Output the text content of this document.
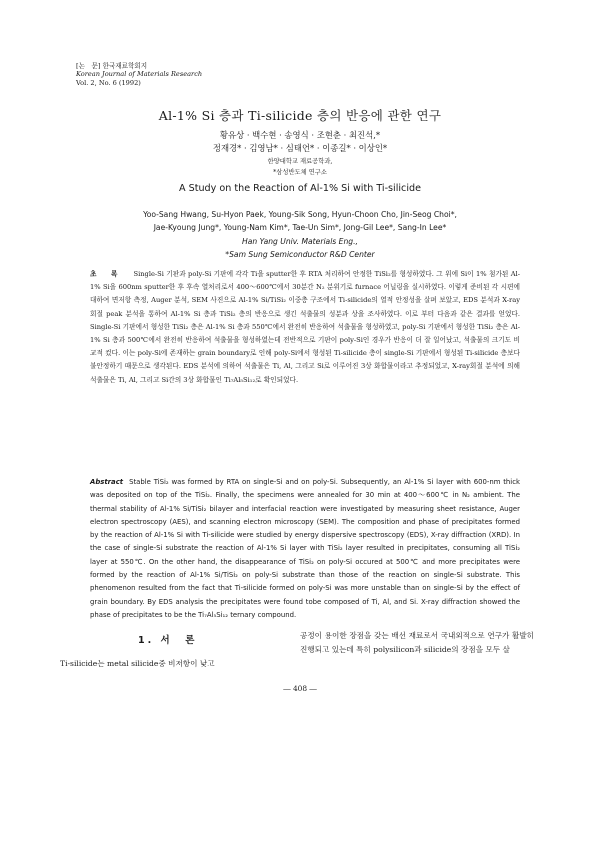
[논　문] 한국재료학회지
Korean Journal of Materials Research
Vol. 2, No. 6 (1992)
Al-1% Si 층과 Ti-silicide 층의 반응에 관한 연구
황유상 · 백수현 · 송영식 · 조현춘 · 최진석,*
정재경* · 김영남* · 심태언* · 이종길* · 이상인*
한양대학교 재료공학과,
*삼성반도체 연구소
A Study on the Reaction of Al-1% Si with Ti-silicide
Yoo-Sang Hwang, Su-Hyon Paek, Young-Sik Song, Hyun-Choon Cho, Jin-Seog Choi*,
Jae-Kyoung Jung*, Young-Nam Kim*, Tae-Un Sim*, Jong-Gil Lee*, Sang-In Lee*
Han Yang Univ. Materials Eng.,
*Sam Sung Semiconductor R&D Center
초 록 Single-Si 기판과 poly-Si 기판에 각각 Ti을 sputter한 후 RTA 처리하여 안정한 TiSi₂를 형성하였다. 그 위에 Si이 1% 첨가된 Al-1% Si을 600nm sputter한 후 후속 열처리로서 400～600℃에서 30분간 N₂ 분위기로 furnace 어닐링을 실시하였다. 이렇게 준비된 각 시편에 대하여 면저항 측정, Auger 분석, SEM 사진으로 Al-1% Si/TiSi₂ 이중층 구조에서 Ti-silicide의 열적 안정성을 살펴 보았고, EDS 분석과 X-ray 회절 peak 분석을 통하여 Al-1% Si 층과 TiSi₂ 층의 반응으로 생긴 석출물의 성분과 상을 조사하였다. 이로 부터 다음과 같은 결과를 얻었다. Single-Si 기판에서 형성한 TiSi₂ 층은 Al-1% Si 층과 550℃에서 완전히 반응하여 석출물을 형성하였고, poly-Si 기판에서 형성한 TiSi₂ 층은 Al-1% Si 층과 500℃에서 완전히 반응하여 석출물을 형성하였는데 전반적으로 기판이 poly-Si인 경우가 반응이 더 잘 일어났고, 석출물의 크기도 비교적 컸다. 이는 poly-Si에 존재하는 grain boundary로 인해 poly-Si에서 형성된 Ti-silicide 층이 single-Si 기판에서 형성된 Ti-silicide 층보다 불안정하기 때문으로 생각된다. EDS 분석에 의하여 석출물은 Ti, Al, 그리고 Si로 이루어진 3상 화합물이라고 추정되었고, X-ray회절 분석에 의해 석출물은 Ti, Al, 그리고 Si간의 3상 화합물인 Ti₇Al₅Si₁₂로 확인되었다.
Abstract Stable TiSi₂ was formed by RTA on single-Si and on poly-Si. Subsequently, an Al-1% Si layer with 600-nm thick was deposited on top of the TiSi₂. Finally, the specimens were annealed for 30 min at 400～600℃ in N₂ ambient. The thermal stability of Al-1% Si/TiSi₂ bilayer and interfacial reaction were investigated by measuring sheet resistance, Auger electron spectroscopy (AES), and scanning electron microscopy (SEM). The composition and phase of precipitates formed by the reaction of Al-1% Si with Ti-silicide were studied by energy dispersive spectroscopy (EDS), X-ray diffraction (XRD). In the case of single-Si substrate the reaction of Al-1% Si layer with TiSi₂ layer resulted in precipitates, consuming all TiSi₂ layer at 550℃. On the other hand, the disappearance of TiSi₂ on poly-Si occured at 500℃ and more precipitates were formed by the reaction of Al-1% Si/TiSi₂ on poly-Si substrate than those of the reaction on single-Si substrate. This phenomenon resulted from the fact that Ti-silicide formed on poly-Si was more unstable than on single-Si by the effect of grain boundary. By EDS analysis the precipitates were found tobe composed of Ti, Al, and Si. X-ray diffraction showed the phase of precipitates to be the Ti₇Al₅Si₁₂ ternary compound.
1. 서　론
Ti-silicide는 metal silicide중 비저항이 낮고
공정이 용이한 장점을 갖는 배선 재료로서 국내외적으로 연구가 활발히 진행되고 있는데 특히 polysilicon과 silicide의 장점을 모두 살
― 408 ―
